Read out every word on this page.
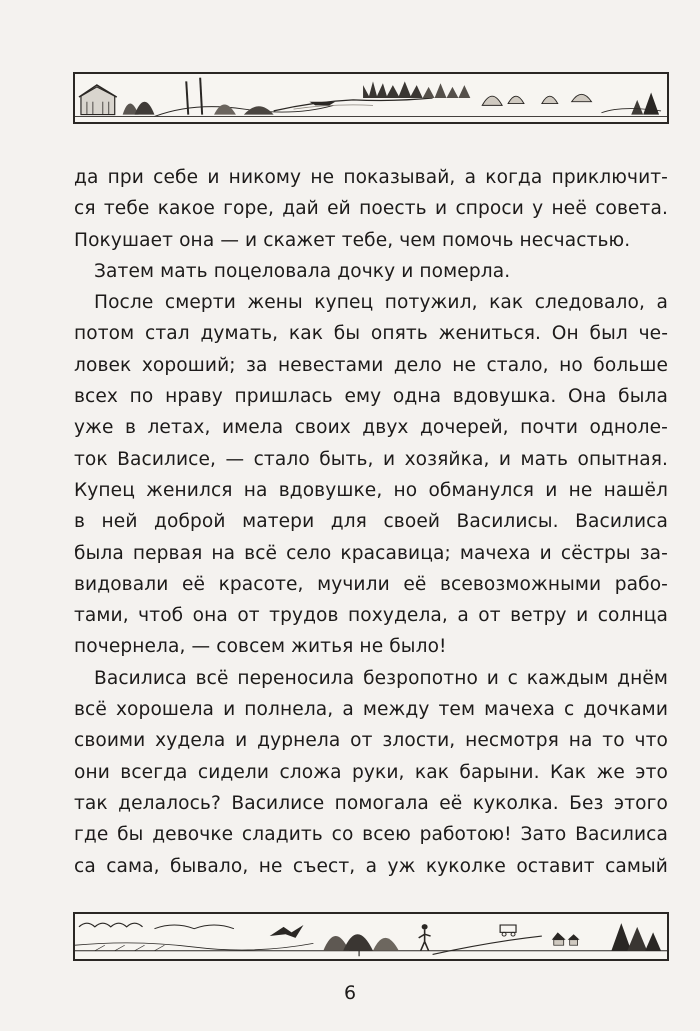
да при себе и никому не показывай, а когда приключит-
ся тебе какое горе, дай ей поесть и спроси у неё совета.
Покушает она — и скажет тебе, чем помочь несчастью.
Затем мать поцеловала дочку и померла.
После смерти жены купец потужил, как следовало, а
потом стал думать, как бы опять жениться. Он был че-
ловек хороший; за невестами дело не стало, но больше
всех по нраву пришлась ему одна вдовушка. Она была
уже в летах, имела своих двух дочерей, почти одноле-
ток Василисе, — стало быть, и хозяйка, и мать опытная.
Купец женился на вдовушке, но обманулся и не нашёл
в ней доброй матери для своей Василисы. Василиса
была первая на всё село красавица; мачеха и сёстры за-
видовали её красоте, мучили её всевозможными рабо-
тами, чтоб она от трудов похудела, а от ветру и солнца
почернела, — совсем житья не было!
Василиса всё переносила безропотно и с каждым днём
всё хорошела и полнела, а между тем мачеха с дочками
своими худела и дурнела от злости, несмотря на то что
они всегда сидели сложа руки, как барыни. Как же это
так делалось? Василисе помогала её куколка. Без этого
где бы девочке сладить со всею работою! Зато Василиса
са сама, бывало, не съест, а уж куколке оставит самый
6
